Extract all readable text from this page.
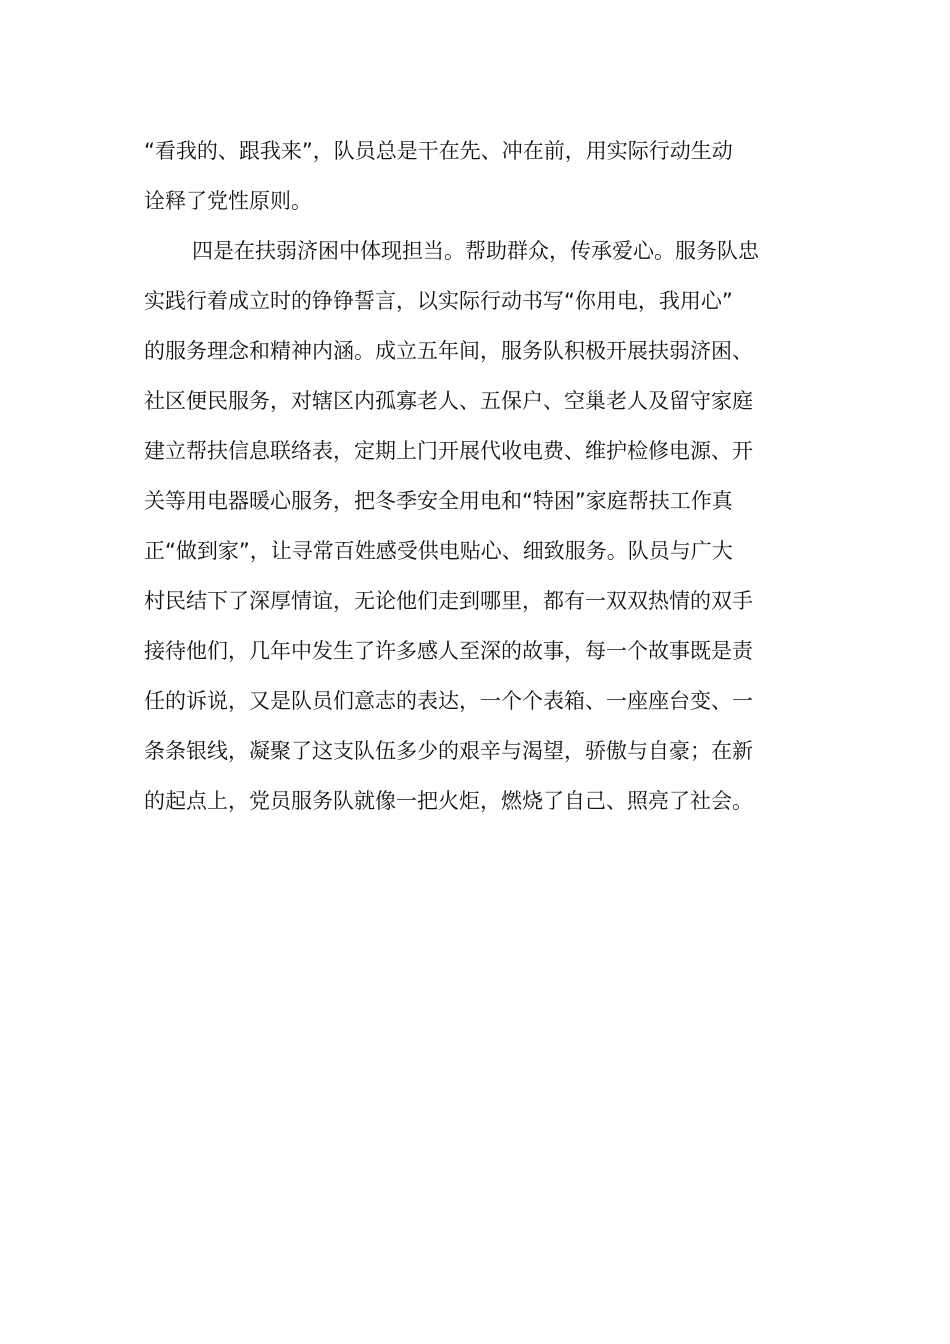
“看我的、跟我来”，队员总是干在先、冲在前，用实际行动生动
诠释了党性原则。
四是在扶弱济困中体现担当。帮助群众，传承爱心。服务队忠
实践行着成立时的铮铮誓言，以实际行动书写“你用电，我用心”
的服务理念和精神内涵。成立五年间，服务队积极开展扶弱济困、
社区便民服务，对辖区内孤寡老人、五保户、空巢老人及留守家庭
建立帮扶信息联络表，定期上门开展代收电费、维护检修电源、开
关等用电器暖心服务，把冬季安全用电和“特困”家庭帮扶工作真
正“做到家”，让寻常百姓感受供电贴心、细致服务。队员与广大
村民结下了深厚情谊，无论他们走到哪里，都有一双双热情的双手
接待他们，几年中发生了许多感人至深的故事，每一个故事既是责
任的诉说，又是队员们意志的表达，一个个表箱、一座座台变、一
条条银线，凝聚了这支队伍多少的艰辛与渴望，骄傲与自豪；在新
的起点上，党员服务队就像一把火炬，燃烧了自己、照亮了社会。
